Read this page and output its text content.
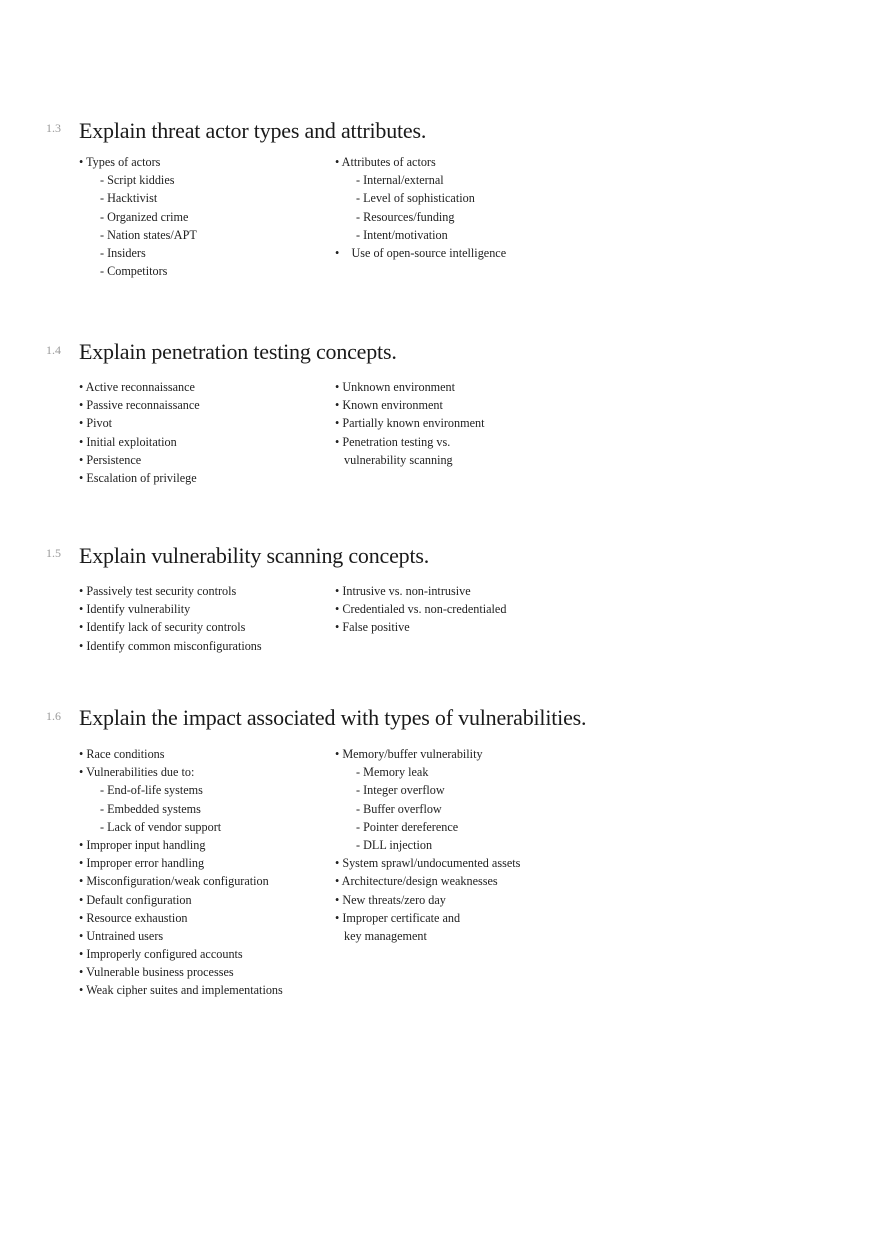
1.3 Explain threat actor types and attributes.
• Types of actors
- Script kiddies
- Hacktivist
- Organized crime
- Nation states/APT
- Insiders
- Competitors
• Attributes of actors
- Internal/external
- Level of sophistication
- Resources/funding
- Intent/motivation
•    Use of open-source intelligence
1.4 Explain penetration testing concepts.
• Active reconnaissance
• Passive reconnaissance
• Pivot
• Initial exploitation
• Persistence
• Escalation of privilege
• Unknown environment
• Known environment
• Partially known environment
• Penetration testing vs.
vulnerability scanning
1.5 Explain vulnerability scanning concepts.
• Passively test security controls
• Identify vulnerability
• Identify lack of security controls
• Identify common misconfigurations
• Intrusive vs. non-intrusive
• Credentialed vs. non-credentialed
• False positive
1.6 Explain the impact associated with types of vulnerabilities.
• Race conditions
• Vulnerabilities due to:
- End-of-life systems
- Embedded systems
- Lack of vendor support
• Improper input handling
• Improper error handling
• Misconfiguration/weak configuration
• Default configuration
• Resource exhaustion
• Untrained users
• Improperly configured accounts
• Vulnerable business processes
• Weak cipher suites and implementations
• Memory/buffer vulnerability
- Memory leak
- Integer overflow
- Buffer overflow
- Pointer dereference
- DLL injection
• System sprawl/undocumented assets
• Architecture/design weaknesses
• New threats/zero day
• Improper certificate and
key management
